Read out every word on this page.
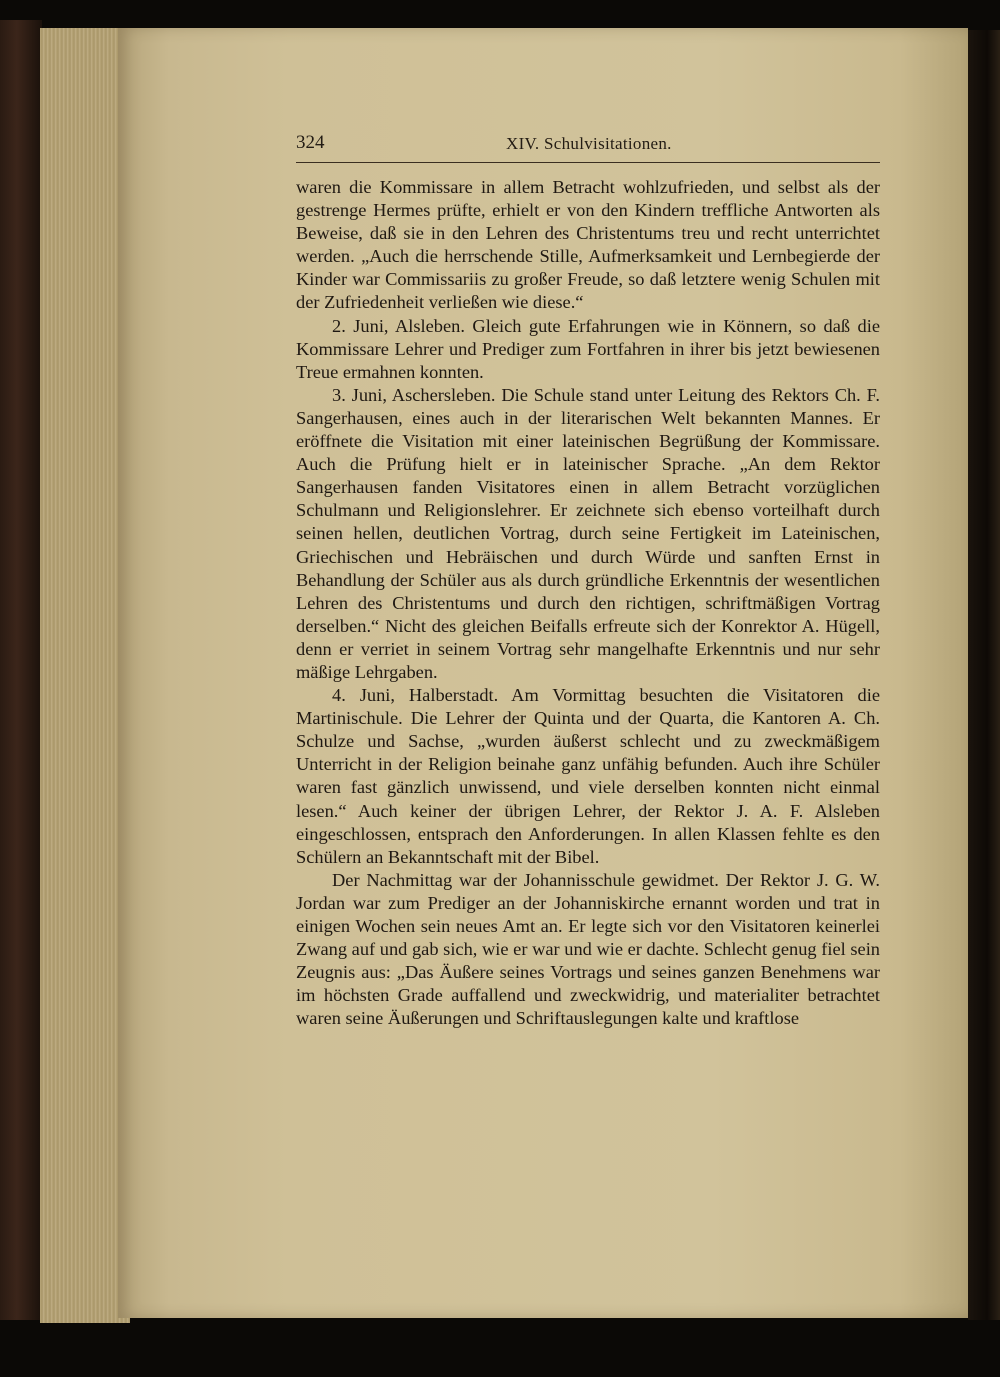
324	XIV. Schulvisitationen.

waren die Kommissare in allem Betracht wohlzufrieden, und selbst als der gestrenge Hermes prüfte, erhielt er von den Kindern treffliche Antworten als Beweise, daß sie in den Lehren des Christentums treu und recht unterrichtet werden. „Auch die herrschende Stille, Aufmerksamkeit und Lernbegierde der Kinder war Commissariis zu großer Freude, so daß letztere wenig Schulen mit der Zufriedenheit verließen wie diese.“

2. Juni, Alsleben. Gleich gute Erfahrungen wie in Könnern, so daß die Kommissare Lehrer und Prediger zum Fortfahren in ihrer bis jetzt bewiesenen Treue ermahnen konnten.

3. Juni, Aschersleben. Die Schule stand unter Leitung des Rektors Ch. F. Sangerhausen, eines auch in der literarischen Welt bekannten Mannes. Er eröffnete die Visitation mit einer lateinischen Begrüßung der Kommissare. Auch die Prüfung hielt er in lateinischer Sprache. „An dem Rektor Sangerhausen fanden Visitatores einen in allem Betracht vorzüglichen Schulmann und Religionslehrer. Er zeichnete sich ebenso vorteilhaft durch seinen hellen, deutlichen Vortrag, durch seine Fertigkeit im Lateinischen, Griechischen und Hebräischen und durch Würde und sanften Ernst in Behandlung der Schüler aus als durch gründliche Erkenntnis der wesentlichen Lehren des Christentums und durch den richtigen, schriftmäßigen Vortrag derselben.“ Nicht des gleichen Beifalls erfreute sich der Konrektor A. Hügell, denn er verriet in seinem Vortrag sehr mangelhafte Erkenntnis und nur sehr mäßige Lehrgaben.

4. Juni, Halberstadt. Am Vormittag besuchten die Visitatoren die Martinischule. Die Lehrer der Quinta und der Quarta, die Kantoren A. Ch. Schulze und Sachse, „wurden äußerst schlecht und zu zweckmäßigem Unterricht in der Religion beinahe ganz unfähig befunden. Auch ihre Schüler waren fast gänzlich unwissend, und viele derselben konnten nicht einmal lesen.“ Auch keiner der übrigen Lehrer, der Rektor J. A. F. Alsleben eingeschlossen, entsprach den Anforderungen. In allen Klassen fehlte es den Schülern an Bekanntschaft mit der Bibel.

Der Nachmittag war der Johannisschule gewidmet. Der Rektor J. G. W. Jordan war zum Prediger an der Johanniskirche ernannt worden und trat in einigen Wochen sein neues Amt an. Er legte sich vor den Visitatoren keinerlei Zwang auf und gab sich, wie er war und wie er dachte. Schlecht genug fiel sein Zeugnis aus: „Das Äußere seines Vortrags und seines ganzen Benehmens war im höchsten Grade auffallend und zweckwidrig, und materialiter betrachtet waren seine Äußerungen und Schriftauslegungen kalte und kraftlose
